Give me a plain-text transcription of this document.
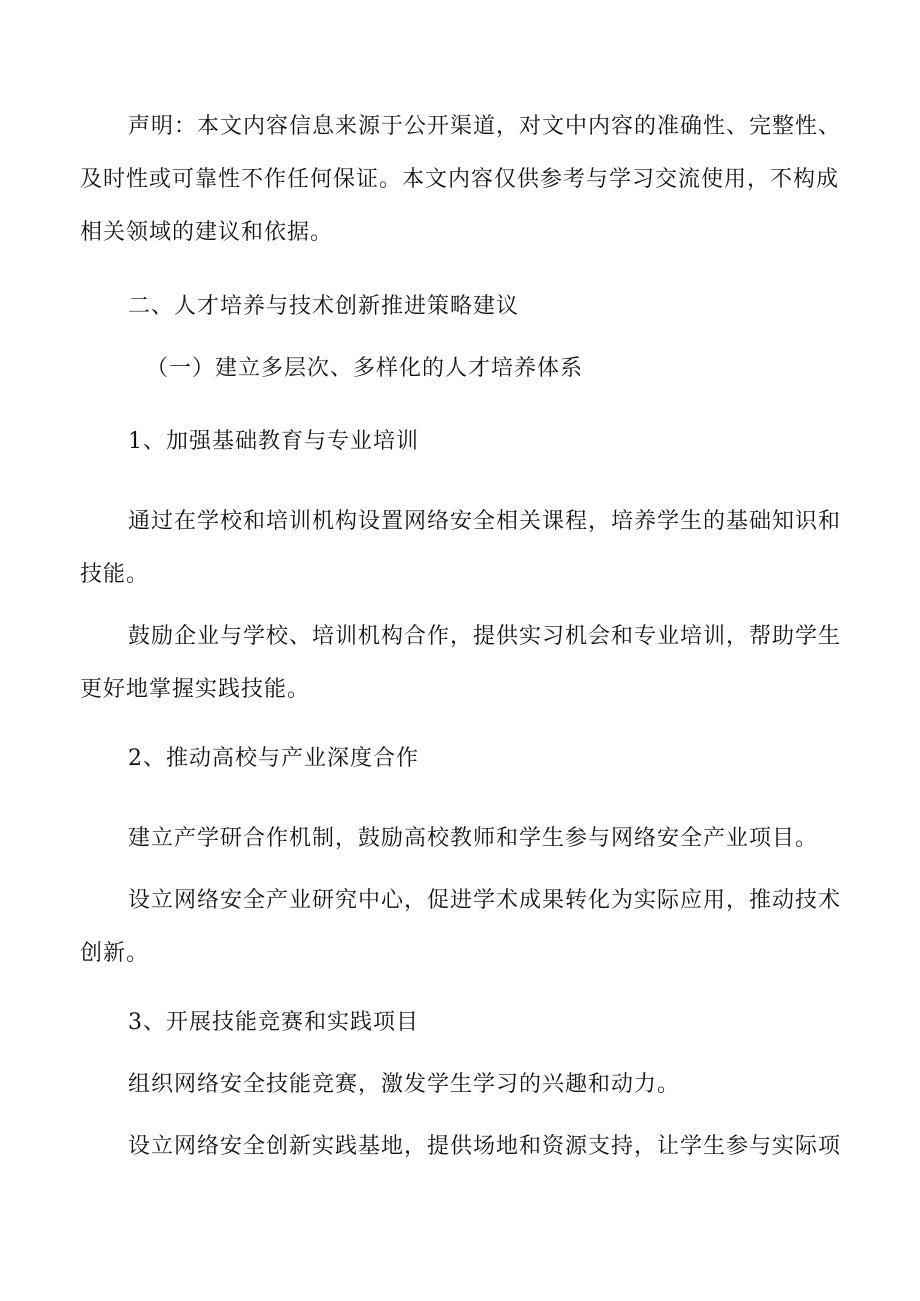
声明：本文内容信息来源于公开渠道，对文中内容的准确性、完整性、

及时性或可靠性不作任何保证。本文内容仅供参考与学习交流使用，不构成

相关领域的建议和依据。

二、人才培养与技术创新推进策略建议

（一）建立多层次、多样化的人才培养体系

1、加强基础教育与专业培训

通过在学校和培训机构设置网络安全相关课程，培养学生的基础知识和

技能。

鼓励企业与学校、培训机构合作，提供实习机会和专业培训，帮助学生

更好地掌握实践技能。

2、推动高校与产业深度合作

建立产学研合作机制，鼓励高校教师和学生参与网络安全产业项目。

设立网络安全产业研究中心，促进学术成果转化为实际应用，推动技术

创新。

3、开展技能竞赛和实践项目

组织网络安全技能竞赛，激发学生学习的兴趣和动力。

设立网络安全创新实践基地，提供场地和资源支持，让学生参与实际项
